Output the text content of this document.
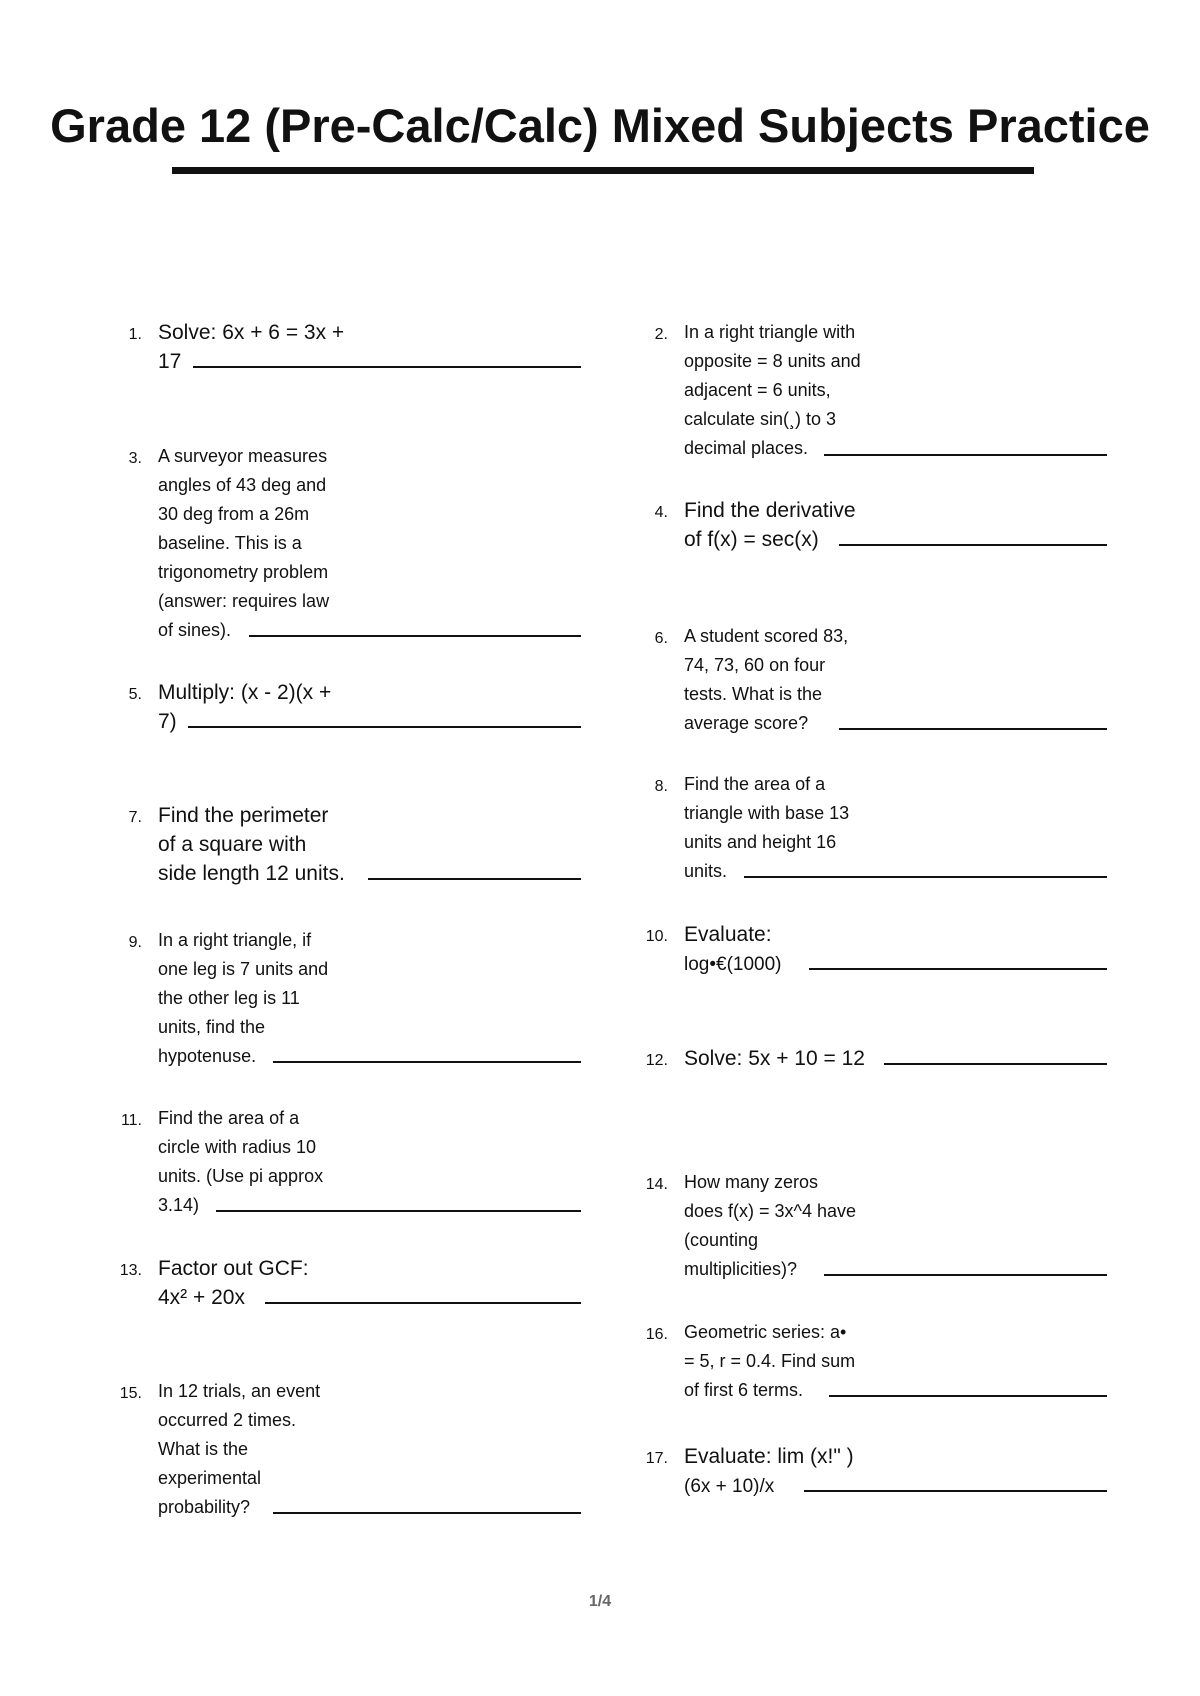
Grade 12 (Pre-Calc/Calc) Mixed Subjects Practice
1. Solve: 6x + 6 = 3x +
17
2. In a right triangle with
opposite = 8 units and
adjacent = 6 units,
calculate sin(¸) to 3
decimal places.
3. A surveyor measures
angles of 43 deg and
30 deg from a 26m
baseline. This is a
trigonometry problem
(answer: requires law
of sines).
4. Find the derivative
of f(x) = sec(x)
5. Multiply: (x - 2)(x +
7)
6. A student scored 83,
74, 73, 60 on four
tests. What is the
average score?
7. Find the perimeter
of a square with
side length 12 units.
8. Find the area of a
triangle with base 13
units and height 16
units.
9. In a right triangle, if
one leg is 7 units and
the other leg is 11
units, find the
hypotenuse.
10. Evaluate:
log•€(1000)
11. Find the area of a
circle with radius 10
units. (Use pi approx
3.14)
12. Solve: 5x + 10 = 12
13. Factor out GCF:
4x² + 20x
14. How many zeros
does f(x) = 3x^4 have
(counting
multiplicities)?
15. In 12 trials, an event
occurred 2 times.
What is the
experimental
probability?
16. Geometric series: a•
= 5, r = 0.4. Find sum
of first 6 terms.
17. Evaluate: lim (x!" )
(6x + 10)/x
1/4
